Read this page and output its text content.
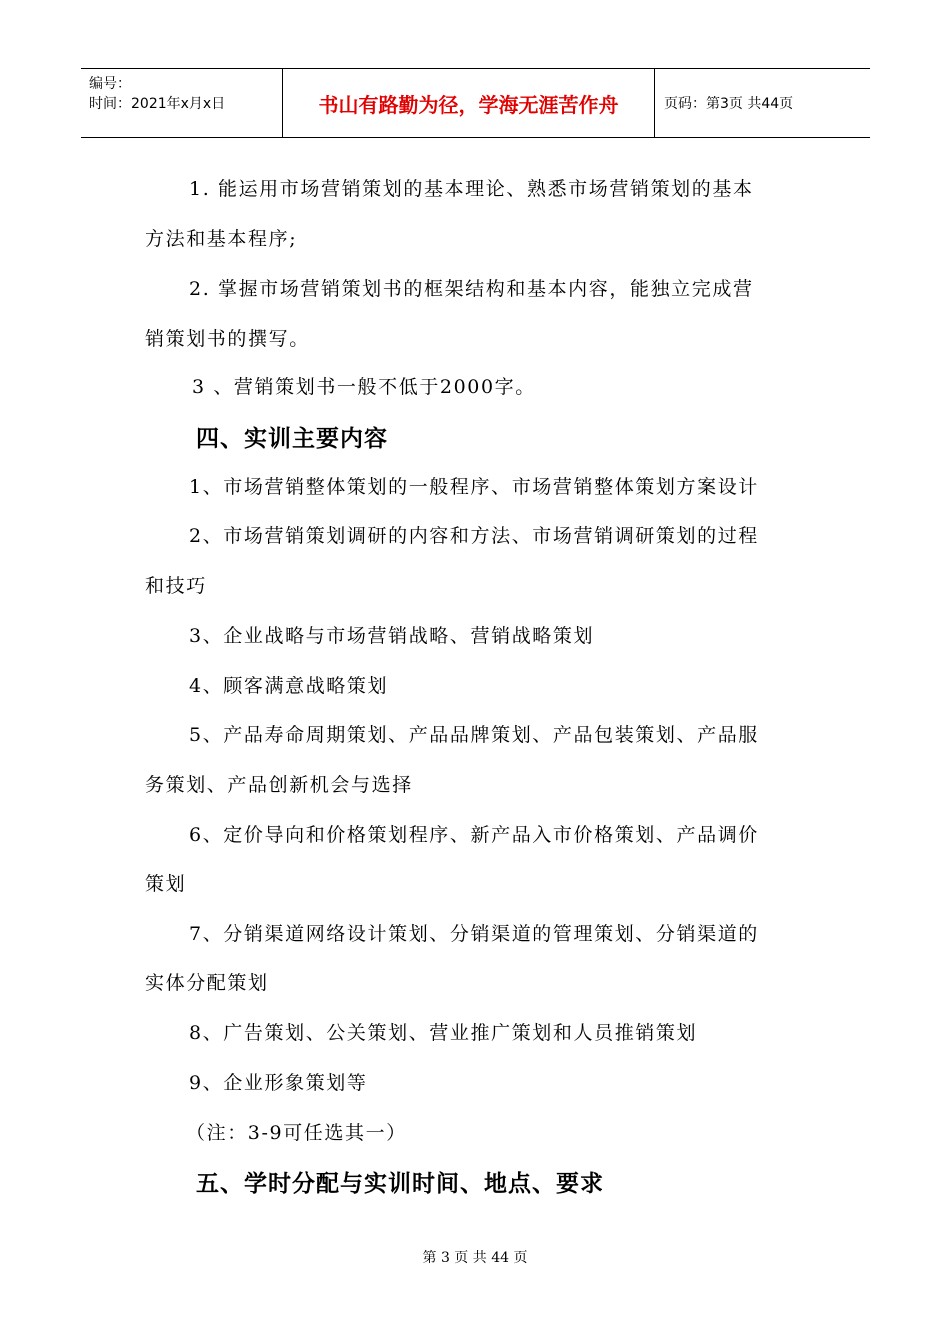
编号：
时间：2021年x月x日	书山有路勤为径，学海无涯苦作舟	页码：第3页 共44页
1. 能运用市场营销策划的基本理论、熟悉市场营销策划的基本
方法和基本程序;
2. 掌握市场营销策划书的框架结构和基本内容，能独立完成营
销策划书的撰写。
3 、营销策划书一般不低于2000字。
四、实训主要内容
1、市场营销整体策划的一般程序、市场营销整体策划方案设计
2、市场营销策划调研的内容和方法、市场营销调研策划的过程
和技巧
3、企业战略与市场营销战略、营销战略策划
4、顾客满意战略策划
5、产品寿命周期策划、产品品牌策划、产品包装策划、产品服
务策划、产品创新机会与选择
6、定价导向和价格策划程序、新产品入市价格策划、产品调价
策划
7、分销渠道网络设计策划、分销渠道的管理策划、分销渠道的
实体分配策划
8、广告策划、公关策划、营业推广策划和人员推销策划
9、企业形象策划等
（注：3-9可任选其一）
五、学时分配与实训时间、地点、要求
第 3 页 共 44 页
